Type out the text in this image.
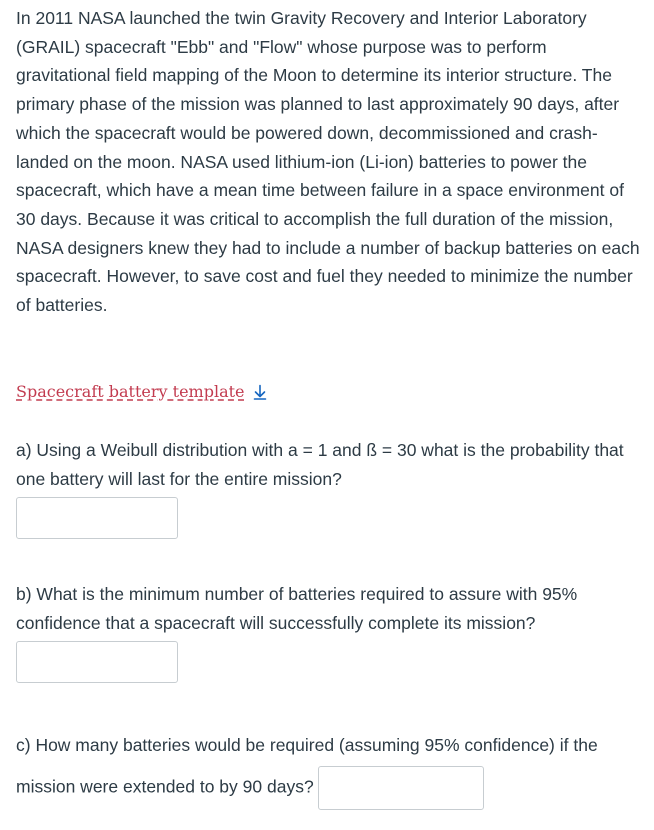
In 2011 NASA launched the twin Gravity Recovery and Interior Laboratory (GRAIL) spacecraft "Ebb" and "Flow" whose purpose was to perform gravitational field mapping of the Moon to determine its interior structure. The primary phase of the mission was planned to last approximately 90 days, after which the spacecraft would be powered down, decommissioned and crash-landed on the moon. NASA used lithium-ion (Li-ion) batteries to power the spacecraft, which have a mean time between failure in a space environment of 30 days. Because it was critical to accomplish the full duration of the mission, NASA designers knew they had to include a number of backup batteries on each spacecraft. However, to save cost and fuel they needed to minimize the number of batteries.

Spacecraft battery template

a) Using a Weibull distribution with a = 1 and ß = 30 what is the probability that one battery will last for the entire mission?

b) What is the minimum number of batteries required to assure with 95% confidence that a spacecraft will successfully complete its mission?

c) How many batteries would be required (assuming 95% confidence) if the mission were extended to by 90 days?
